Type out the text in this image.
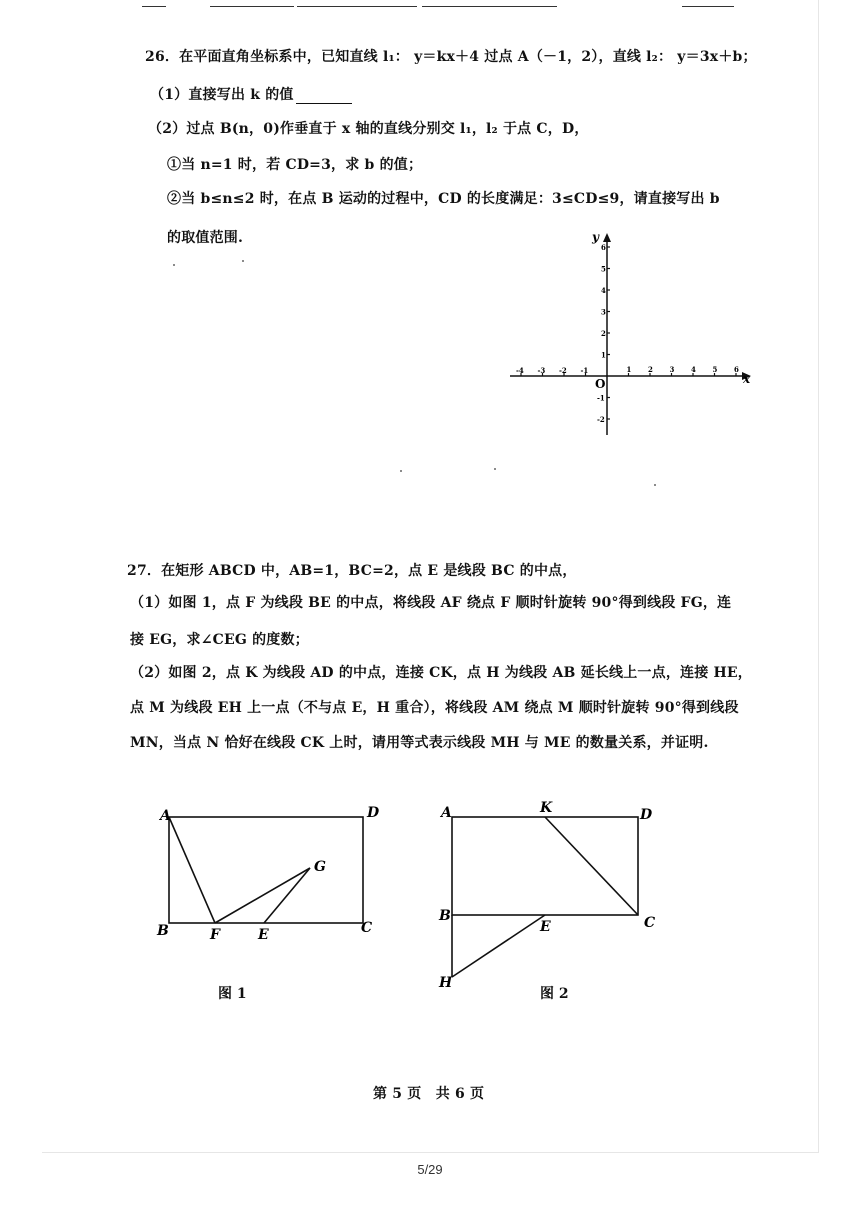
26．在平面直角坐标系中，已知直线 l₁： y＝kx＋4 过点 A（－1，2），直线 l₂： y＝3x＋b；
（1）直接写出 k 的值
（2）过点 B(n，0)作垂直于 x 轴的直线分别交 l₁，l₂ 于点 C，D，
①当 n=1 时，若 CD=3，求 b 的值；
②当 b≤n≤2 时，在点 B 运动的过程中，CD 的长度满足：3≤CD≤9，请直接写出 b
的取值范围.
x
y
O
-4 -3 -2 -1	1 2 3 4 5 6
1
2
3
4
5
6
-1
-2
27．在矩形 ABCD 中，AB=1，BC=2，点 E 是线段 BC 的中点，
（1）如图 1，点 F 为线段 BE 的中点，将线段 AF 绕点 F 顺时针旋转 90°得到线段 FG，连
接 EG，求∠CEG 的度数；
（2）如图 2，点 K 为线段 AD 的中点，连接 CK，点 H 为线段 AB 延长线上一点，连接 HE，
点 M 为线段 EH 上一点（不与点 E，H 重合），将线段 AM 绕点 M 顺时针旋转 90°得到线段
MN，当点 N 恰好在线段 CK 上时，请用等式表示线段 MH 与 ME 的数量关系，并证明.
A	D
B	F	E	C
G
图 1
A	K	D
B
E	C
H
图 2
第 5 页　共 6 页
5/29
